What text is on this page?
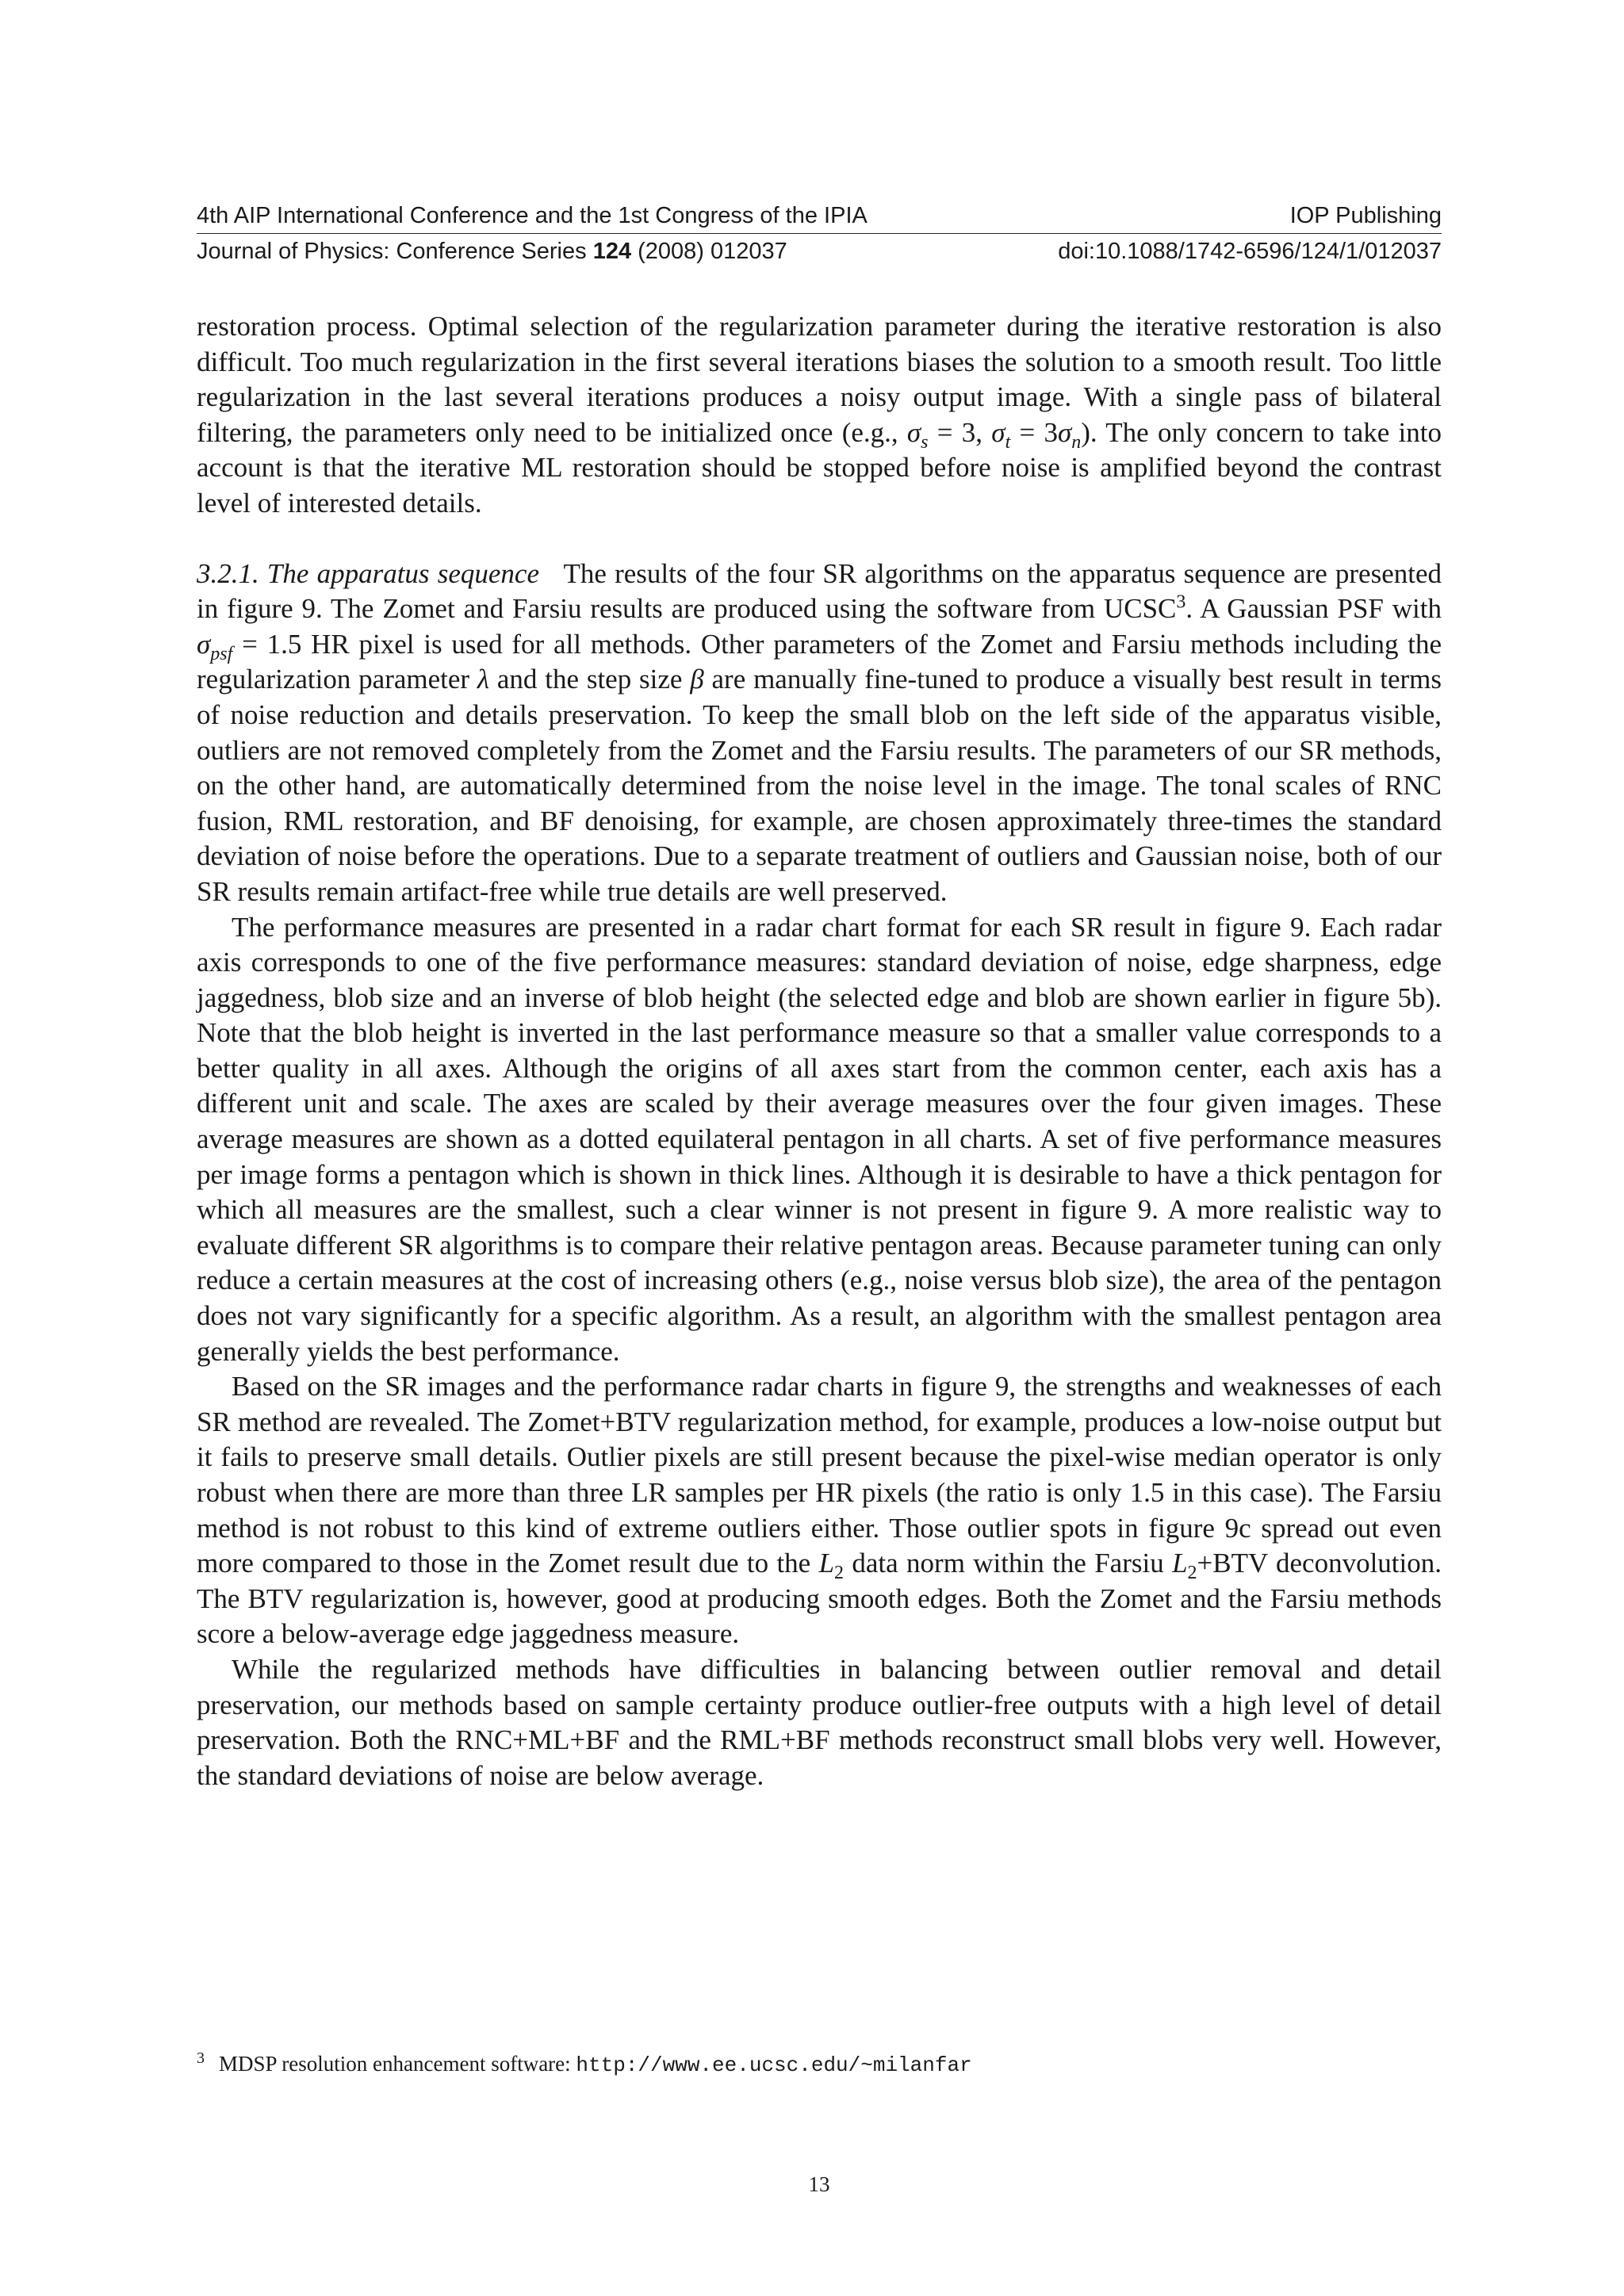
4th AIP International Conference and the 1st Congress of the IPIA	IOP Publishing
Journal of Physics: Conference Series 124 (2008) 012037	doi:10.1088/1742-6596/124/1/012037

restoration process. Optimal selection of the regularization parameter during the iterative restoration is also difficult. Too much regularization in the first several iterations biases the solution to a smooth result. Too little regularization in the last several iterations produces a noisy output image. With a single pass of bilateral filtering, the parameters only need to be initialized once (e.g., $\sigma_s = 3$, $\sigma_t = 3\sigma_n$). The only concern to take into account is that the iterative ML restoration should be stopped before noise is amplified beyond the contrast level of interested details.

3.2.1. The apparatus sequence The results of the four SR algorithms on the apparatus sequence are presented in figure 9. The Zomet and Farsiu results are produced using the software from UCSC$^3$. A Gaussian PSF with $\sigma_{psf} = 1.5$ HR pixel is used for all methods. Other parameters of the Zomet and Farsiu methods including the regularization parameter λ and the step size β are manually fine-tuned to produce a visually best result in terms of noise reduction and details preservation. To keep the small blob on the left side of the apparatus visible, outliers are not removed completely from the Zomet and the Farsiu results. The parameters of our SR methods, on the other hand, are automatically determined from the noise level in the image. The tonal scales of RNC fusion, RML restoration, and BF denoising, for example, are chosen approximately three-times the standard deviation of noise before the operations. Due to a separate treatment of outliers and Gaussian noise, both of our SR results remain artifact-free while true details are well preserved.

The performance measures are presented in a radar chart format for each SR result in figure 9. Each radar axis corresponds to one of the five performance measures: standard deviation of noise, edge sharpness, edge jaggedness, blob size and an inverse of blob height (the selected edge and blob are shown earlier in figure 5b). Note that the blob height is inverted in the last performance measure so that a smaller value corresponds to a better quality in all axes. Although the origins of all axes start from the common center, each axis has a different unit and scale. The axes are scaled by their average measures over the four given images. These average measures are shown as a dotted equilateral pentagon in all charts. A set of five performance measures per image forms a pentagon which is shown in thick lines. Although it is desirable to have a thick pentagon for which all measures are the smallest, such a clear winner is not present in figure 9. A more realistic way to evaluate different SR algorithms is to compare their relative pentagon areas. Because parameter tuning can only reduce a certain measures at the cost of increasing others (e.g., noise versus blob size), the area of the pentagon does not vary significantly for a specific algorithm. As a result, an algorithm with the smallest pentagon area generally yields the best performance.

Based on the SR images and the performance radar charts in figure 9, the strengths and weaknesses of each SR method are revealed. The Zomet+BTV regularization method, for example, produces a low-noise output but it fails to preserve small details. Outlier pixels are still present because the pixel-wise median operator is only robust when there are more than three LR samples per HR pixels (the ratio is only 1.5 in this case). The Farsiu method is not robust to this kind of extreme outliers either. Those outlier spots in figure 9c spread out even more compared to those in the Zomet result due to the $L_2$ data norm within the Farsiu $L_2+BTV$ deconvolution. The BTV regularization is, however, good at producing smooth edges. Both the Zomet and the Farsiu methods score a below-average edge jaggedness measure.

While the regularized methods have difficulties in balancing between outlier removal and detail preservation, our methods based on sample certainty produce outlier-free outputs with a high level of detail preservation. Both the RNC+ML+BF and the RML+BF methods reconstruct small blobs very well. However, the standard deviations of noise are below average.

$^3$ MDSP resolution enhancement software: http://www.ee.ucsc.edu/~milanfar
13
